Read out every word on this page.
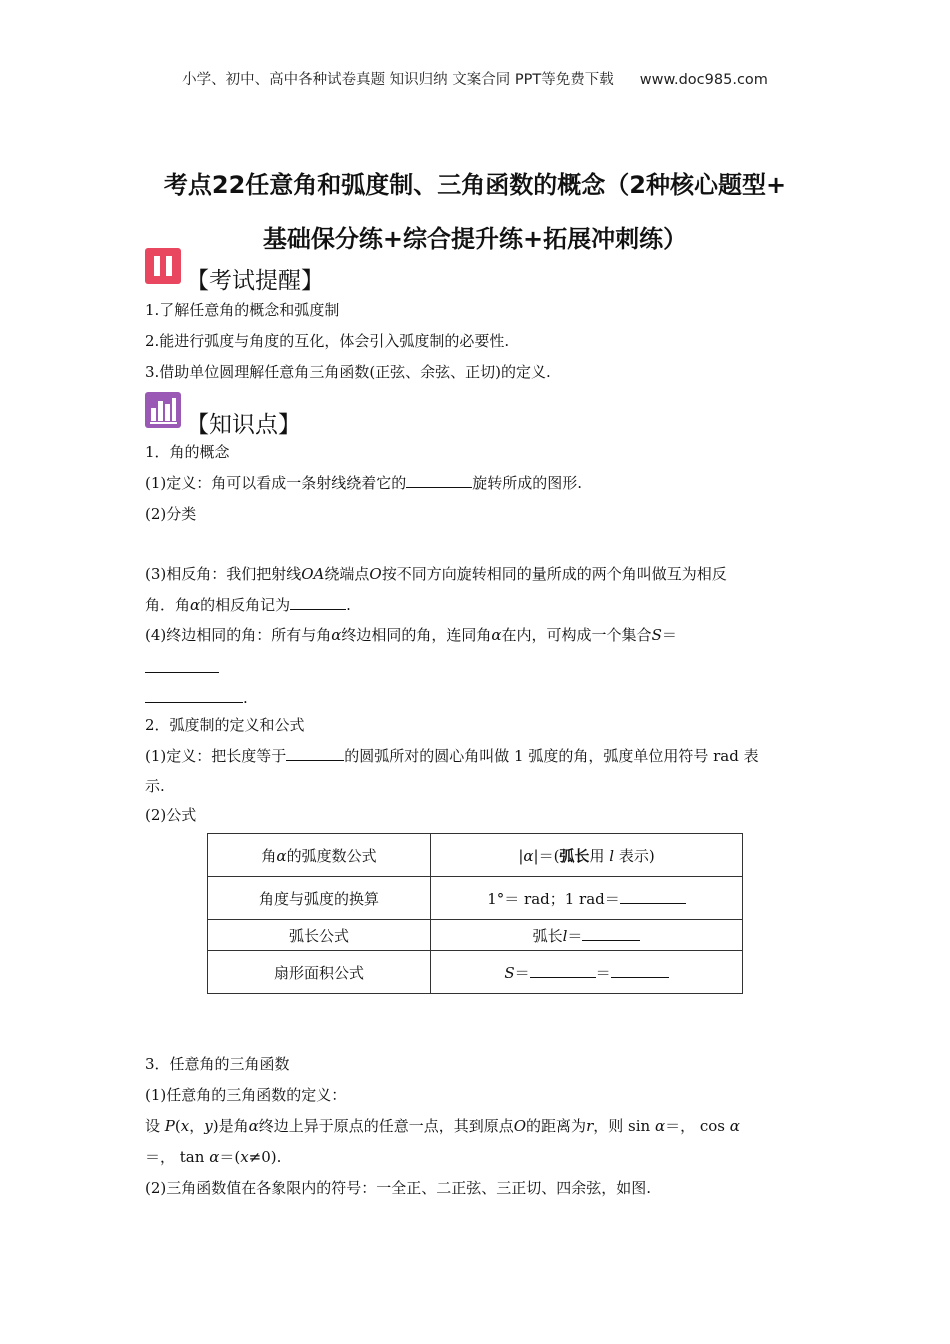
小学、初中、高中各种试卷真题 知识归纳 文案合同 PPT等免费下载 www.doc985.com
考点22任意角和弧度制、三角函数的概念（2种核心题型+
基础保分练+综合提升练+拓展冲刺练）
【考试提醒】
1.了解任意角的概念和弧度制
2.能进行弧度与角度的互化，体会引入弧度制的必要性.
3.借助单位圆理解任意角三角函数(正弦、余弦、正切)的定义.
【知识点】
1．角的概念
(1)定义：角可以看成一条射线绕着它的	旋转所成的图形.
(2)分类
(3)相反角：我们把射线OA绕端点O按不同方向旋转相同的量所成的两个角叫做互为相反
角．角α的相反角记为	.
(4)终边相同的角：所有与角α终边相同的角，连同角α在内，可构成一个集合S＝
.
2．弧度制的定义和公式
(1)定义：把长度等于	的圆弧所对的圆心角叫做 1 弧度的角，弧度单位用符号 rad 表
示.
(2)公式
角α的弧度数公式	|α|＝(弧长用 l 表示)
角度与弧度的换算	1°＝ rad；1 rad＝
弧长公式	弧长l＝
扇形面积公式	S＝ ＝
3．任意角的三角函数
(1)任意角的三角函数的定义：
设 P(x，y)是角α终边上异于原点的任意一点，其到原点O的距离为r，则 sin α＝， cos α
＝， tan α＝(x≠0).
(2)三角函数值在各象限内的符号：一全正、二正弦、三正切、四余弦，如图.
